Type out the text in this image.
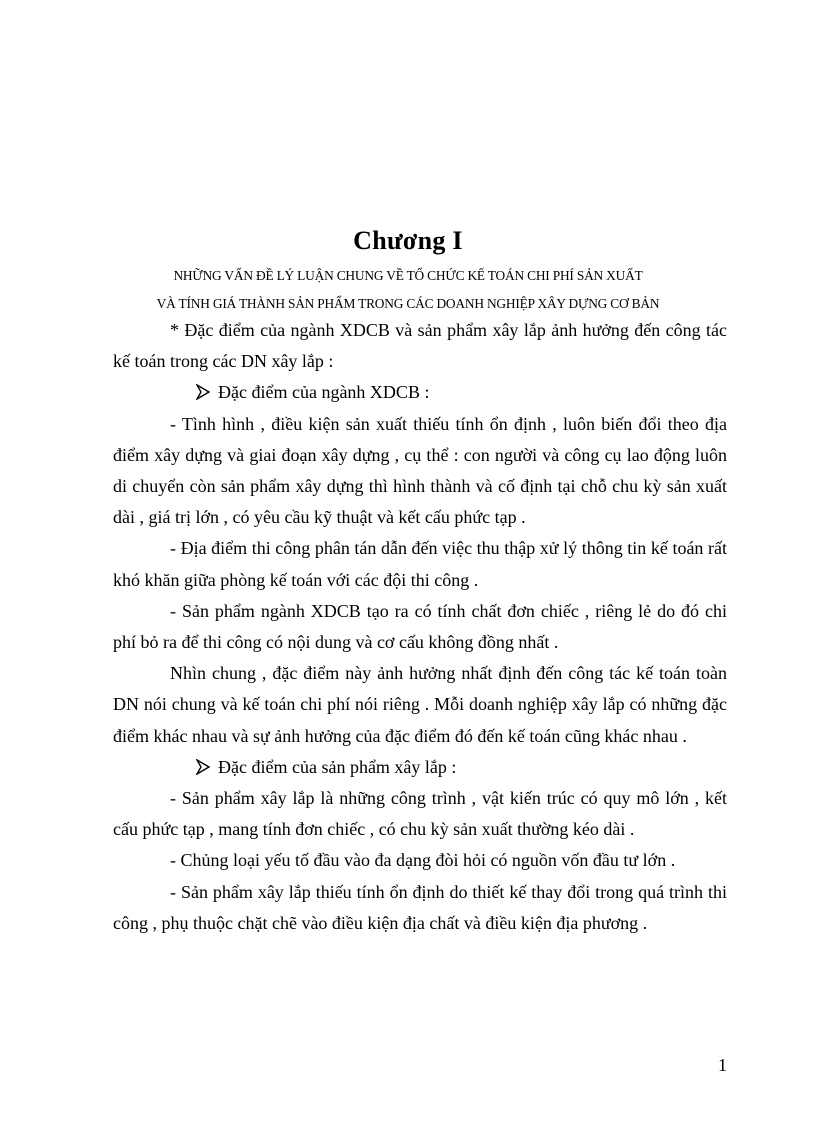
Chương I
NHỮNG VẤN ĐỀ LÝ LUẬN CHUNG VỀ TỔ CHỨC KẾ TOÁN CHI PHÍ SẢN XUẤT
VÀ TÍNH GIÁ THÀNH SẢN PHẨM TRONG CÁC DOANH NGHIỆP XÂY DỰNG CƠ BẢN

* Đặc điểm của ngành XDCB và sản phẩm xây lắp ảnh hưởng đến công tác kế toán trong các DN xây lắp :

Đặc điểm của ngành XDCB :

- Tình hình , điều kiện sản xuất thiếu tính ổn định , luôn biến đổi theo địa điểm xây dựng và giai đoạn xây dựng , cụ thể : con người và công cụ lao động luôn di chuyển còn sản phẩm xây dựng thì hình thành và cố định tại chỗ chu kỳ sản xuất dài , giá trị lớn , có yêu cầu kỹ thuật và kết cấu phức tạp .

- Địa điểm thi công phân tán dẫn đến việc thu thập xử lý thông tin kế toán rất khó khăn giữa phòng kế toán với các đội thi công .

- Sản phẩm ngành XDCB tạo ra có tính chất đơn chiếc , riêng lẻ do đó chi phí bỏ ra để thi công có nội dung và cơ cấu không đồng nhất .

Nhìn chung , đặc điểm này ảnh hưởng nhất định đến công tác kế toán toàn DN nói chung và kế toán chi phí nói riêng . Mỗi doanh nghiệp xây lắp có những đặc điểm khác nhau và sự ảnh hưởng của đặc điểm đó đến kế toán cũng khác nhau .

Đặc điểm của sản phẩm xây lắp :

- Sản phẩm xây lắp là những công trình , vật kiến trúc có quy mô lớn , kết cấu phức tạp , mang tính đơn chiếc , có chu kỳ sản xuất thường kéo dài .

- Chủng loại yếu tố đầu vào đa dạng đòi hỏi có nguồn vốn đầu tư lớn .

- Sản phẩm xây lắp thiếu tính ổn định do thiết kế thay đổi trong quá trình thi công , phụ thuộc chặt chẽ vào điều kiện địa chất và điều kiện địa phương .

1
